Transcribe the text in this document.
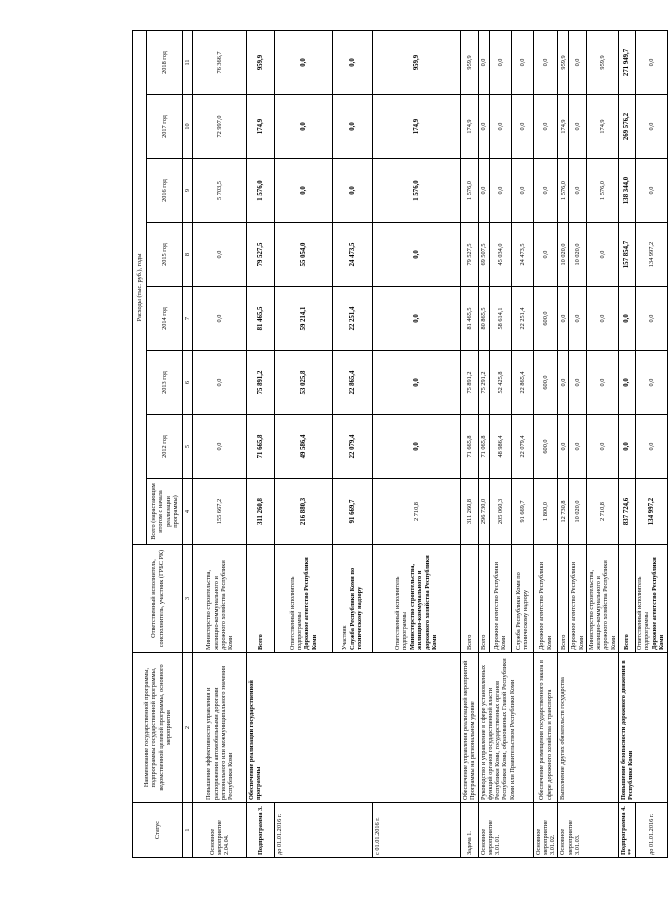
Статус	Наименование государственной программы, подпрограммы государственной программы, ведомственной целевой программы, основного мероприятия	Ответственный исполнитель, соисполнитель, участник (ГРБС РК)	Расходы (тыс. руб.), годы							
			Всего (нарастающим итогом с начала реализации программы)	2012 год	2013 год	2014 год	2015 год	2016 год	2017 год	2018 год
1	2	3	4	5	6	7	8	9	10	11
Основное мероприятие 2.04.04.	Повышение эффективности управления и распоряжения автомобильными дорогами регионального или межмуниципального значения Республики Коми	Министерство строительства, жилищно-коммунального и дорожного хозяйства Республики Коми	155 667,2	0,0	0,0	0,0	0,0	5 703,5	72 997,0	76 366,7
Подпрограмма 3.	Обеспечение реализации государственной программы	Всего	311 260,8	71 665,8	75 891,2	81 465,5	79 527,5	1 576,0	174,9	959,9
до 01.01.2016 г.		Ответственный исполнитель подпрограммы Дорожное агентство Республики Коми	216 880,3	49 586,4	53 025,8	59 214,1	55 054,0	0,0	0,0	0,0

		Участник Служба Республики Коми по техническому надзору	91 669,7	22 079,4	22 865,4	22 251,4	24 473,5	0,0	0,0	0,0
с 01.01.2016 г.		Ответственный исполнитель подпрограммы Министерство строительства, жилищно-коммунального и дорожного хозяйства Республики Коми	2 710,8	0,0	0,0	0,0	0,0	1 576,0	174,9	959,9
Задача 1.	Обеспечение управления реализацией мероприятий Программы на региональном уровне	Всего	311 260,8	71 665,8	75 891,2	81 465,5	79 527,5	1 576,0	174,9	959,9
Основное мероприятие 3.01.01.	Руководство и управление в сфере установленных функций органов государственной власти Республики Коми, государственных органов Республики Коми, образованных Главой Республики Коми или Правительством Республики Коми	Всего	296 730,0	71 065,8	75 291,2	80 865,5	69 507,5	0,0	0,0	0,0
		Дорожное агентство Республики Коми	205 060,3	48 986,4	52 425,8	58 614,1	45 034,0	0,0	0,0	0,0
		Служба Республики Коми по техническому надзору	91 669,7	22 079,4	22 865,4	22 251,4	24 473,5	0,0	0,0	0,0
Основное мероприятие 3.01.02.	Обеспечение размещения государственного заказа в сфере дорожного хозяйства и транспорта	Дорожное агентство Республики Коми	1 800,0	600,0	600,0	600,0	0,0	0,0	0,0	0,0
Основное мероприятие 3.01.03.	Выполнение других обязательств государства	Всего	12 730,8	0,0	0,0	0,0	10 020,0	1 576,0	174,9	959,9
		Дорожное агентство Республики Коми	10 020,0	0,0	0,0	0,0	10 020,0	0,0	0,0	0,0
		Министерство строительства, жилищно-коммунального и дорожного хозяйства Республики Коми	2 710,8	0,0	0,0	0,0	0,0	1 576,0	174,9	959,9
Подпрограмма 4. **	Повышение безопасности дорожного движения в Республике Коми	Всего	837 724,6	0,0	0,0	0,0	157 854,7	138 344,0	269 576,2	271 949,7
до 01.01.2016 г.		Ответственный исполнитель подпрограммы Дорожное агентство Республики Коми	134 997,2	0,0	0,0	0,0	134 997,2	0,0	0,0	0,0
